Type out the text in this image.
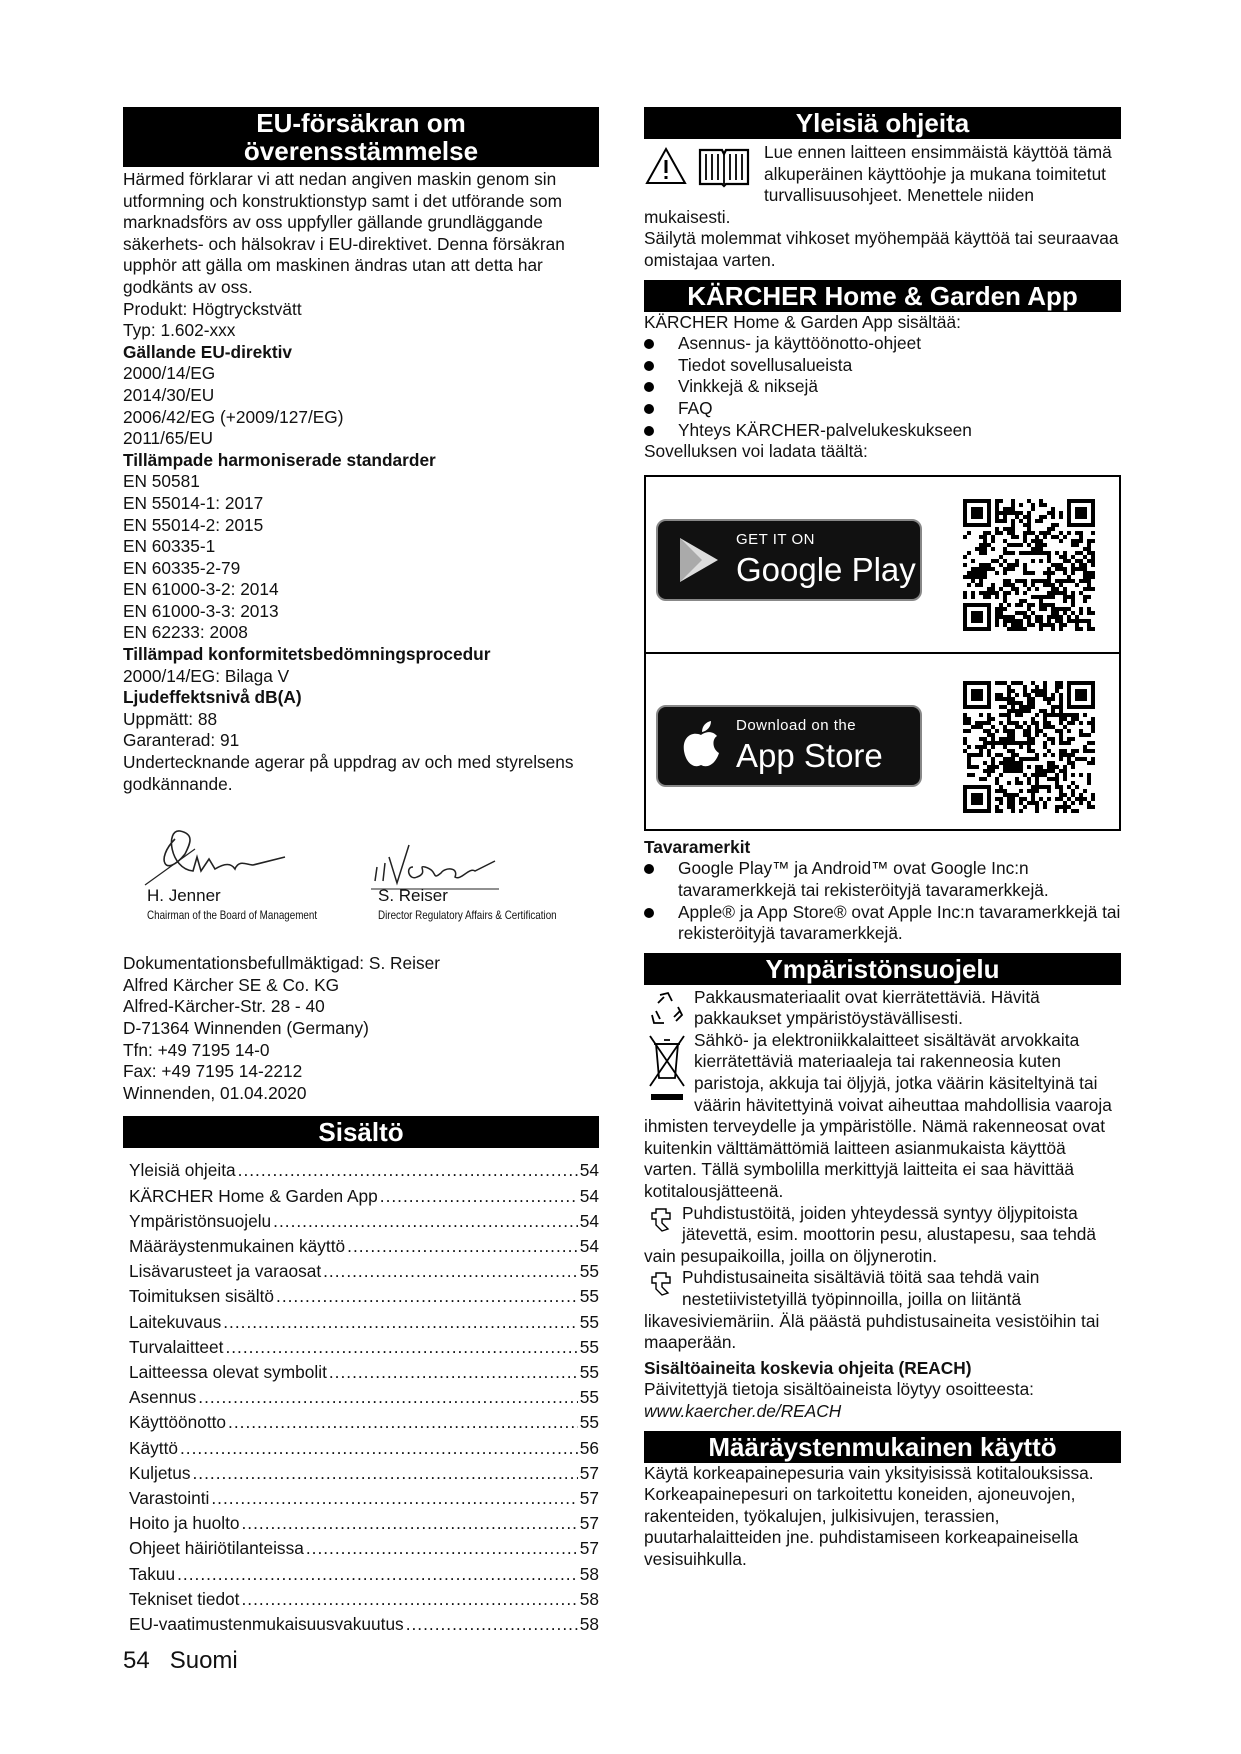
EU-försäkran om
överensstämmelse
Härmed förklarar vi att nedan angiven maskin genom sin utformning och konstruktionstyp samt i det utförande som marknadsförs av oss uppfyller gällande grundläggande säkerhets- och hälsokrav i EU-direktivet. Denna försäkran upphör att gälla om maskinen ändras utan att detta har godkänts av oss.
Produkt: Högtryckstvätt
Typ: 1.602-xxx
Gällande EU-direktiv
2000/14/EG
2014/30/EU
2006/42/EG (+2009/127/EG)
2011/65/EU
Tillämpade harmoniserade standarder
EN 50581
EN 55014-1: 2017
EN 55014-2: 2015
EN 60335-1
EN 60335-2-79
EN 61000-3-2: 2014
EN 61000-3-3: 2013
EN 62233: 2008
Tillämpad konformitetsbedömningsprocedur
2000/14/EG: Bilaga V
Ljudeffektsnivå dB(A)
Uppmätt: 88
Garanterad: 91
Undertecknande agerar på uppdrag av och med styrelsens godkännande.
H. Jenner
Chairman of the Board of Management
S. Reiser
Director Regulatory Affairs & Certification
Dokumentationsbefullmäktigad: S. Reiser
Alfred Kärcher SE & Co. KG
Alfred-Kärcher-Str. 28 - 40
D-71364 Winnenden (Germany)
Tfn: +49 7195 14-0
Fax: +49 7195 14-2212
Winnenden, 01.04.2020
Sisältö
Yleisiä ohjeita .....	54
KÄRCHER Home & Garden App .....	54
Ympäristönsuojelu .....	54
Määräystenmukainen käyttö .....	54
Lisävarusteet ja varaosat .....	55
Toimituksen sisältö .....	55
Laitekuvaus .....	55
Turvalaitteet .....	55
Laitteessa olevat symbolit .....	55
Asennus .....	55
Käyttöönotto .....	55
Käyttö .....	56
Kuljetus .....	57
Varastointi .....	57
Hoito ja huolto .....	57
Ohjeet häiriötilanteissa .....	57
Takuu .....	58
Tekniset tiedot .....	58
EU-vaatimustenmukaisuusvakuutus .....	58
Yleisiä ohjeita
Lue ennen laitteen ensimmäistä käyttöä tämä alkuperäinen käyttöohje ja mukana toimitetut turvallisuusohjeet. Menettele niiden mukaisesti.
Säilytä molemmat vihkoset myöhempää käyttöä tai seuraavaa omistajaa varten.
KÄRCHER Home & Garden App
KÄRCHER Home & Garden App sisältää:
Asennus- ja käyttöönotto-ohjeet
Tiedot sovellusalueista
Vinkkejä & niksejä
FAQ
Yhteys KÄRCHER-palvelukeskukseen
Sovelluksen voi ladata täältä:
GET IT ON
Google Play
Download on the
App Store
Tavaramerkit
Google Play™ ja Android™ ovat Google Inc:n tavaramerkkejä tai rekisteröityjä tavaramerkkejä.
Apple® ja App Store® ovat Apple Inc:n tavaramerkkejä tai rekisteröityjä tavaramerkkejä.
Ympäristönsuojelu
Pakkausmateriaalit ovat kierrätettäviä. Hävitä pakkaukset ympäristöystävällisesti.
Sähkö- ja elektroniikkalaitteet sisältävät arvokkaita kierrätettäviä materiaaleja tai rakenneosia kuten paristoja, akkuja tai öljyjä, jotka väärin käsiteltyinä tai väärin hävitettyinä voivat aiheuttaa mahdollisia vaaroja ihmisten terveydelle ja ympäristölle. Nämä rakenneosat ovat kuitenkin välttämättömiä laitteen asianmukaista käyttöä varten. Tällä symbolilla merkittyjä laitteita ei saa hävittää kotitalousjätteenä.
Puhdistustöitä, joiden yhteydessä syntyy öljypitoista jätevettä, esim. moottorin pesu, alustapesu, saa tehdä vain pesupaikoilla, joilla on öljynerotin.
Puhdistusaineita sisältäviä töitä saa tehdä vain nestetiivistetyillä työpinnoilla, joilla on liitäntä likavesiviemäriin. Älä päästä puhdistusaineita vesistöihin tai maaperään.
Sisältöaineita koskevia ohjeita (REACH)
Päivitettyjä tietoja sisältöaineista löytyy osoitteesta:
www.kaercher.de/REACH
Määräystenmukainen käyttö
Käytä korkeapainepesuria vain yksityisissä kotitalouksissa.
Korkeapainepesuri on tarkoitettu koneiden, ajoneuvojen, rakenteiden, työkalujen, julkisivujen, terassien, puutarhalaitteiden jne. puhdistamiseen korkeapaineisella vesisuihkulla.
54 Suomi
